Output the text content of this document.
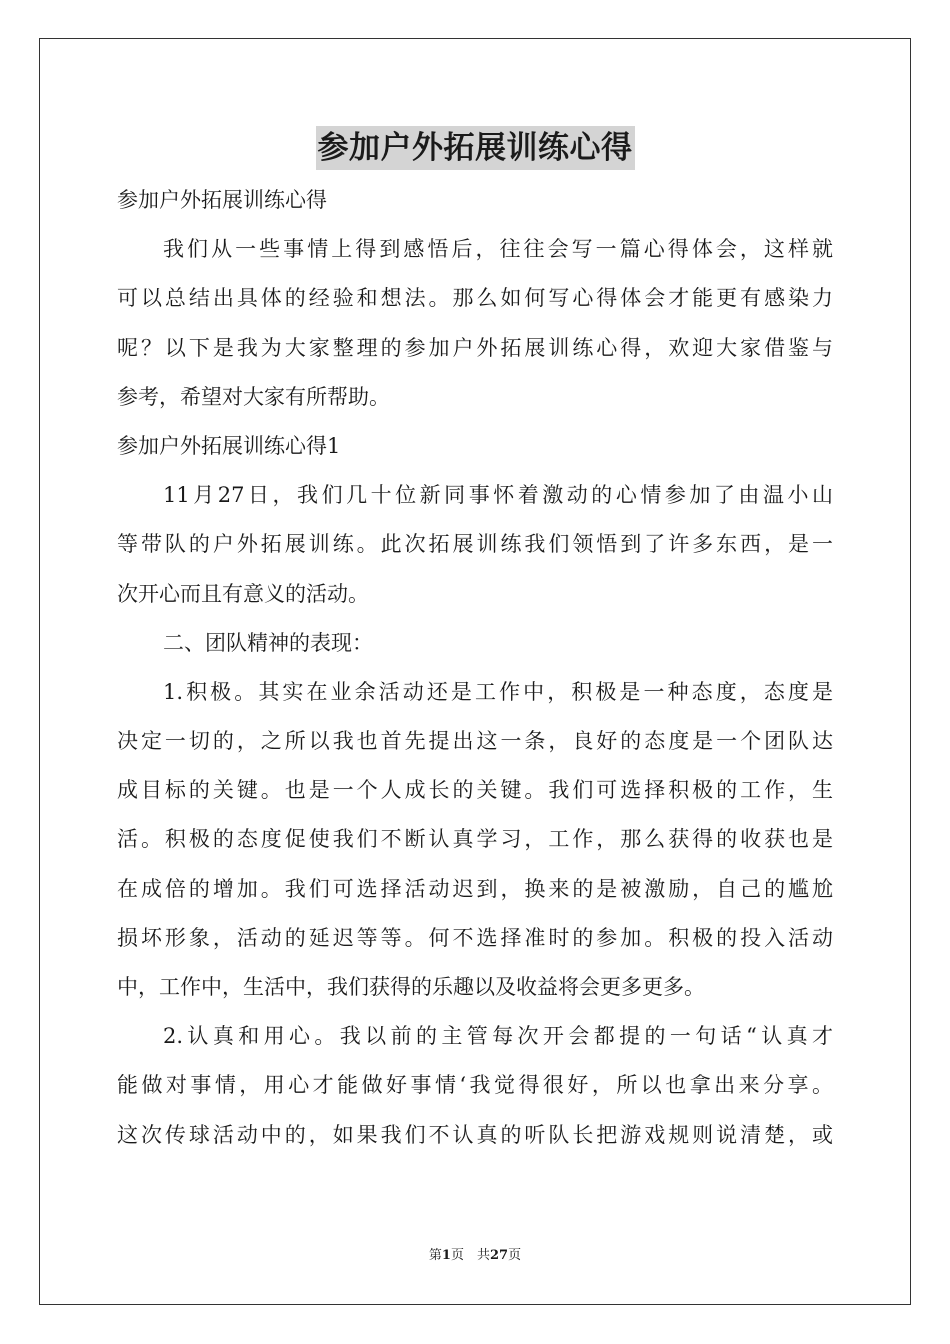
参加户外拓展训练心得
参加户外拓展训练心得
我们从一些事情上得到感悟后，往往会写一篇心得体会，这样就
可以总结出具体的经验和想法。那么如何写心得体会才能更有感染力
呢？以下是我为大家整理的参加户外拓展训练心得，欢迎大家借鉴与
参考，希望对大家有所帮助。
参加户外拓展训练心得1
11月27日，我们几十位新同事怀着激动的心情参加了由温小山
等带队的户外拓展训练。此次拓展训练我们领悟到了许多东西，是一
次开心而且有意义的活动。
二、团队精神的表现：
1.积极。其实在业余活动还是工作中，积极是一种态度，态度是
决定一切的，之所以我也首先提出这一条，良好的态度是一个团队达
成目标的关键。也是一个人成长的关键。我们可选择积极的工作，生
活。积极的态度促使我们不断认真学习，工作，那么获得的收获也是
在成倍的增加。我们可选择活动迟到，换来的是被激励，自己的尴尬
损坏形象，活动的延迟等等。何不选择准时的参加。积极的投入活动
中，工作中，生活中，我们获得的乐趣以及收益将会更多更多。
2.认真和用心。我以前的主管每次开会都提的一句话“认真才
能做对事情，用心才能做好事情‘我觉得很好，所以也拿出来分享。
这次传球活动中的，如果我们不认真的听队长把游戏规则说清楚，或
第1页　共27页
